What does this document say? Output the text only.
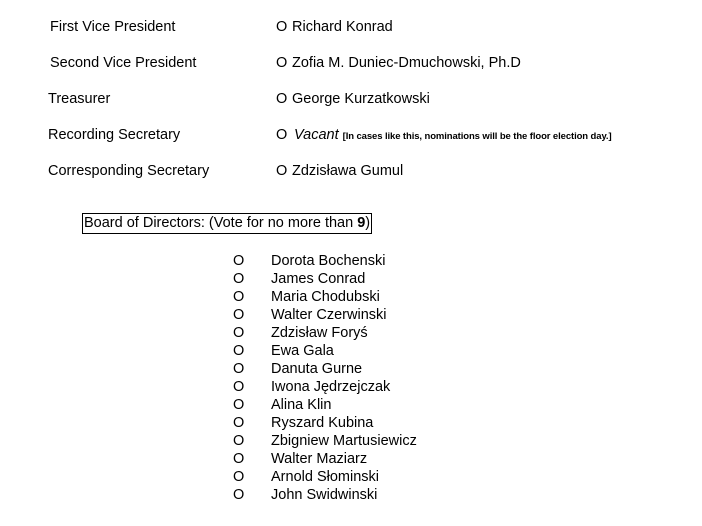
First Vice President	O Richard Konrad
Second Vice President	O Zofia M. Duniec-Dmuchowski, Ph.D
Treasurer	O George Kurzatkowski
Recording Secretary	O Vacant [In cases like this, nominations will be the floor election day.]
Corresponding Secretary	O Zdzisława Gumul
Board of Directors: (Vote for no more than 9)
O Dorota Bochenski
O James Conrad
O Maria Chodubski
O Walter Czerwinski
O Zdzisław Foryś
O Ewa Gala
O Danuta Gurne
O Iwona Jędrzejczak
O Alina Klin
O Ryszard Kubina
O Zbigniew Martusiewicz
O Walter Maziarz
O Arnold Słominski
O John Swidwinski
